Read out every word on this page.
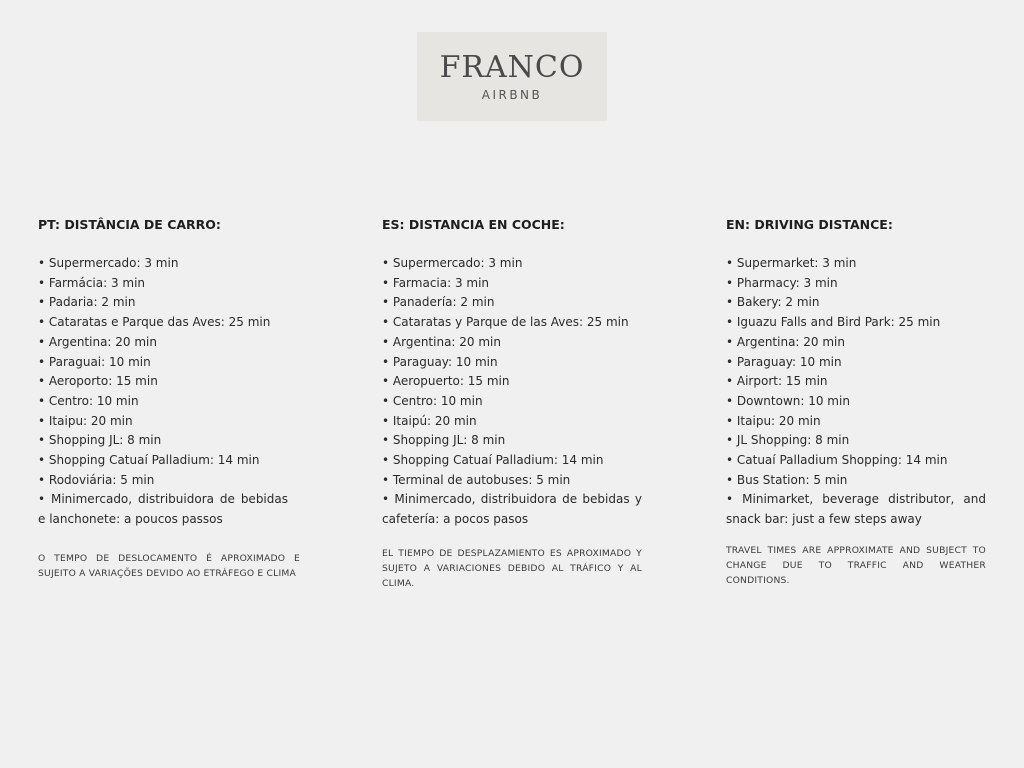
FRANCO
AIRBNB
PT: DISTÂNCIA DE CARRO:
• Supermercado: 3 min
• Farmácia: 3 min
• Padaria: 2 min
• Cataratas e Parque das Aves: 25 min
• Argentina: 20 min
• Paraguai: 10 min
• Aeroporto: 15 min
• Centro: 10 min
• Itaipu: 20 min
• Shopping JL: 8 min
• Shopping Catuaí Palladium: 14 min
• Rodoviária: 5 min
• Minimercado, distribuidora de bebidas e lanchonete: a poucos passos
O TEMPO DE DESLOCAMENTO É APROXIMADO E SUJEITO A VARIAÇÕES DEVIDO AO ETRÁFEGO E CLIMA
ES: DISTANCIA EN COCHE:
• Supermercado: 3 min
• Farmacia: 3 min
• Panadería: 2 min
• Cataratas y Parque de las Aves: 25 min
• Argentina: 20 min
• Paraguay: 10 min
• Aeropuerto: 15 min
• Centro: 10 min
• Itaipú: 20 min
• Shopping JL: 8 min
• Shopping Catuaí Palladium: 14 min
• Terminal de autobuses: 5 min
• Minimercado, distribuidora de bebidas y cafetería: a pocos pasos
EL TIEMPO DE DESPLAZAMIENTO ES APROXIMADO Y SUJETO A VARIACIONES DEBIDO AL TRÁFICO Y AL CLIMA.
EN: DRIVING DISTANCE:
• Supermarket: 3 min
• Pharmacy: 3 min
• Bakery: 2 min
• Iguazu Falls and Bird Park: 25 min
• Argentina: 20 min
• Paraguay: 10 min
• Airport: 15 min
• Downtown: 10 min
• Itaipu: 20 min
• JL Shopping: 8 min
• Catuaí Palladium Shopping: 14 min
• Bus Station: 5 min
• Minimarket, beverage distributor, and snack bar: just a few steps away
TRAVEL TIMES ARE APPROXIMATE AND SUBJECT TO CHANGE DUE TO TRAFFIC AND WEATHER CONDITIONS.
